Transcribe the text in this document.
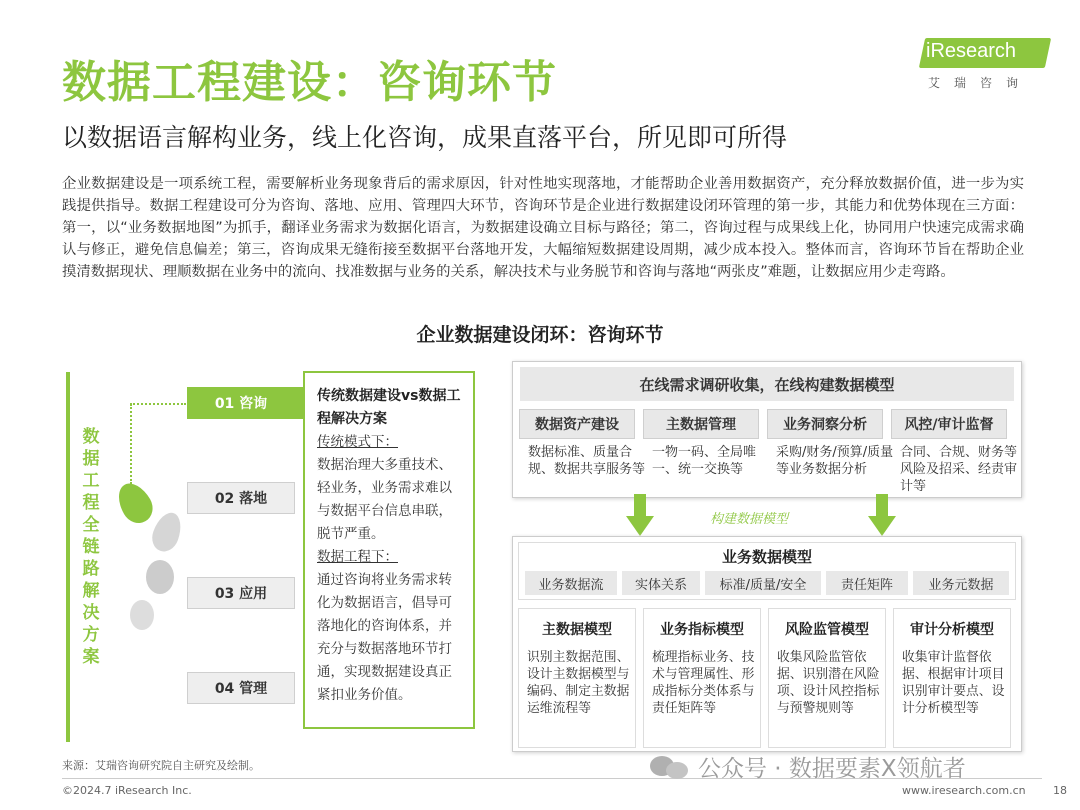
数据工程建设：咨询环节
以数据语言解构业务，线上化咨询，成果直落平台，所见即可所得
iResearch
艾瑞咨询
企业数据建设是一项系统工程，需要解析业务现象背后的需求原因，针对性地实现落地，才能帮助企业善用数据资产，充分释放数据价值，进一步为实践提供指导。数据工程建设可分为咨询、落地、应用、管理四大环节，咨询环节是企业进行数据建设闭环管理的第一步，其能力和优势体现在三方面：第一，以“业务数据地图”为抓手，翻译业务需求为数据化语言，为数据建设确立目标与路径；第二，咨询过程与成果线上化，协同用户快速完成需求确认与修正，避免信息偏差；第三，咨询成果无缝衔接至数据平台落地开发，大幅缩短数据建设周期，减少成本投入。整体而言，咨询环节旨在帮助企业摸清数据现状、理顺数据在业务中的流向、找准数据与业务的关系，解决技术与业务脱节和咨询与落地“两张皮”难题，让数据应用少走弯路。
企业数据建设闭环：咨询环节
数据工程全链路解决方案
01 咨询
02 落地
03 应用
04 管理
传统数据建设vs数据工程解决方案
传统模式下：
数据治理大多重技术、轻业务，业务需求难以与数据平台信息串联，脱节严重。
数据工程下：
通过咨询将业务需求转化为数据语言，倡导可落地化的咨询体系，并充分与数据落地环节打通，实现数据建设真正紧扣业务价值。
在线需求调研收集，在线构建数据模型
数据资产建设
数据标准、质量合规、数据共享服务等
主数据管理
一物一码、全局唯一、统一交换等
业务洞察分析
采购/财务/预算/质量等业务数据分析
风控/审计监督
合同、合规、财务等风险及招采、经责审计等
构建数据模型
业务数据模型
业务数据流	实体关系	标准/质量/安全	责任矩阵	业务元数据
主数据模型
识别主数据范围、设计主数据模型与编码、制定主数据运维流程等
业务指标模型
梳理指标业务、技术与管理属性、形成指标分类体系与责任矩阵等
风险监管模型
收集风险监管依据、识别潜在风险项、设计风控指标与预警规则等
审计分析模型
收集审计监督依据、根据审计项目识别审计要点、设计分析模型等
来源：艾瑞咨询研究院自主研究及绘制。
©2024.7 iResearch Inc.	www.iresearch.com.cn 18
公众号 · 数据要素X领航者
